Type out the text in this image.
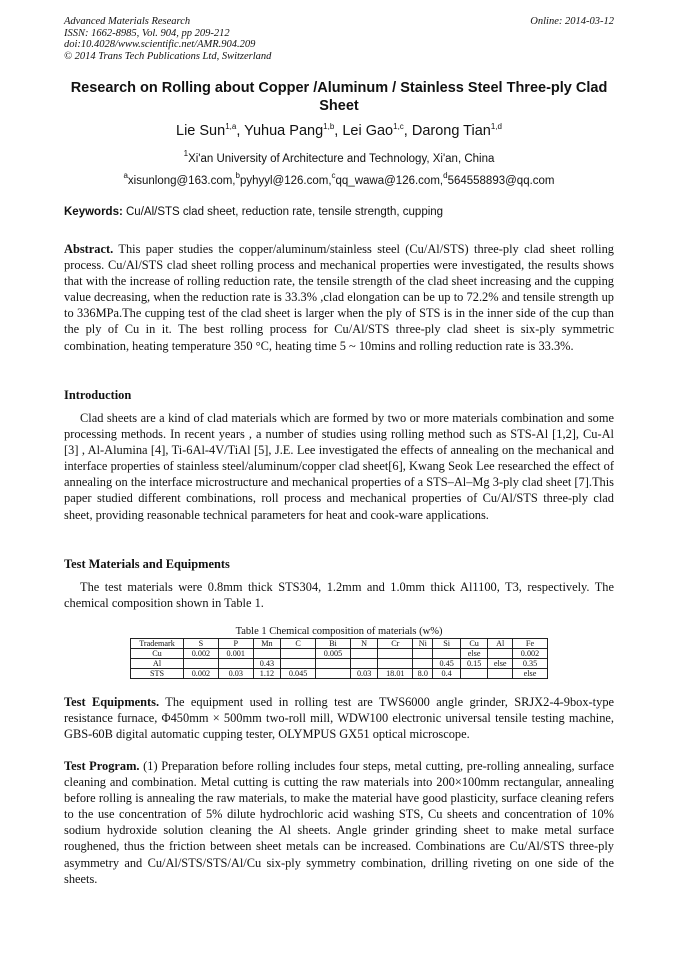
Advanced Materials Research
ISSN: 1662-8985, Vol. 904, pp 209-212
doi:10.4028/www.scientific.net/AMR.904.209
© 2014 Trans Tech Publications Ltd, Switzerland
Online: 2014-03-12
Research on Rolling about Copper /Aluminum / Stainless Steel Three-ply Clad Sheet
Lie Sun$^{1,a}$, Yuhua Pang$^{1,b}$, Lei Gao$^{1,c}$, Darong Tian$^{1,d}$
$^1$Xi'an University of Architecture and Technology, Xi'an, China
$^a$xisunlong@163.com,$^b$pyhyyl@126.com,$^c$qq_wawa@126.com,$^d$564558893@qq.com
Keywords: Cu/Al/STS clad sheet, reduction rate, tensile strength, cupping
Abstract. This paper studies the copper/aluminum/stainless steel (Cu/Al/STS) three-ply clad sheet rolling process. Cu/Al/STS clad sheet rolling process and mechanical properties were investigated, the results shows that with the increase of rolling reduction rate, the tensile strength of the clad sheet increasing and the cupping value decreasing, when the reduction rate is 33.3% ,clad elongation can be up to 72.2% and tensile strength up to 336MPa.The cupping test of the clad sheet is larger when the ply of STS is in the inner side of the cup than the ply of Cu in it. The best rolling process for Cu/Al/STS three-ply clad sheet is six-ply symmetric combination, heating temperature 350 °C, heating time 5 ~ 10mins and rolling reduction rate is 33.3%.
Introduction
Clad sheets are a kind of clad materials which are formed by two or more materials combination and some processing methods. In recent years , a number of studies using rolling method such as STS-Al [1,2], Cu-Al [3] , Al-Alumina [4], Ti-6Al-4V/TiAl [5], J.E. Lee investigated the effects of annealing on the mechanical and interface properties of stainless steel/aluminum/copper clad sheet[6], Kwang Seok Lee researched the effect of annealing on the interface microstructure and mechanical properties of a STS–Al–Mg 3-ply clad sheet [7].This paper studied different combinations, roll process and mechanical properties of Cu/Al/STS three-ply clad sheet, providing reasonable technical parameters for heat and cook-ware applications.
Test Materials and Equipments
The test materials were 0.8mm thick STS304, 1.2mm and 1.0mm thick Al1100, T3, respectively. The chemical composition shown in Table 1.
Table 1 Chemical composition of materials (w%)
Trademark	S	P	Mn	C	Bi	N	Cr	Ni	Si	Cu	Al	Fe
Cu	0.002	0.001			0.005					else		0.002
Al			0.43						0.45	0.15	else	0.35
STS	0.002	0.03	1.12	0.045		0.03	18.01	8.0	0.4			else
Test Equipments. The equipment used in rolling test are TWS6000 angle grinder, SRJX2-4-9box-type resistance furnace, Φ450mm × 500mm two-roll mill, WDW100 electronic universal tensile testing machine, GBS-60B digital automatic cupping tester, OLYMPUS GX51 optical microscope.
Test Program. (1) Preparation before rolling includes four steps, metal cutting, pre-rolling annealing, surface cleaning and combination. Metal cutting is cutting the raw materials into 200×100mm rectangular, annealing before rolling is annealing the raw materials, to make the material have good plasticity, surface cleaning refers to the use concentration of 5% dilute hydrochloric acid washing STS, Cu sheets and concentration of 10% sodium hydroxide solution cleaning the Al sheets. Angle grinder grinding sheet to make metal surface roughened, thus the friction between sheet metals can be increased. Combinations are Cu/Al/STS three-ply asymmetry and Cu/Al/STS/STS/Al/Cu six-ply symmetry combination, drilling riveting on one side of the sheets.
